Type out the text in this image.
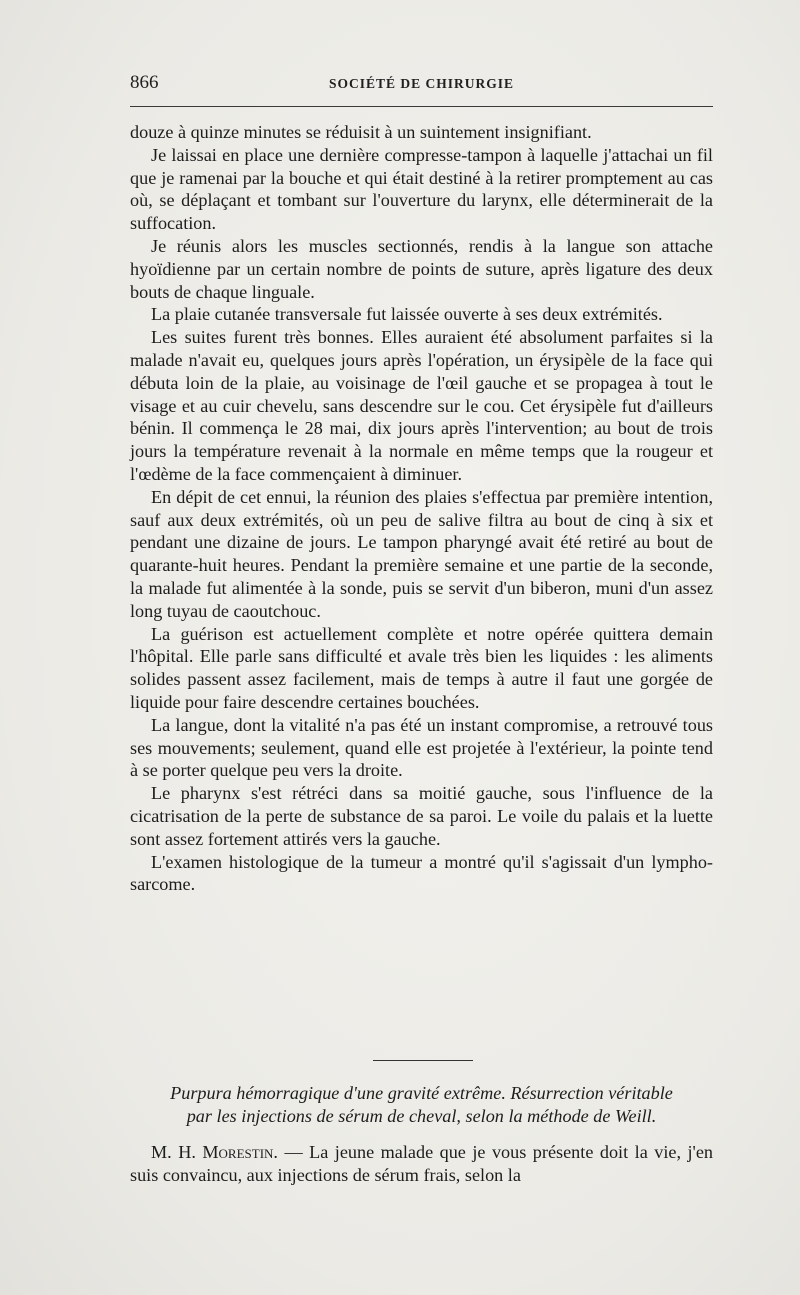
866	SOCIÉTÉ DE CHIRURGIE

douze à quinze minutes se réduisit à un suintement insignifiant.

Je laissai en place une dernière compresse-tampon à laquelle j'attachai un fil que je ramenai par la bouche et qui était destiné à la retirer promptement au cas où, se déplaçant et tombant sur l'ouverture du larynx, elle déterminerait de la suffocation.

Je réunis alors les muscles sectionnés, rendis à la langue son attache hyoïdienne par un certain nombre de points de suture, après ligature des deux bouts de chaque linguale.

La plaie cutanée transversale fut laissée ouverte à ses deux extrémités.

Les suites furent très bonnes. Elles auraient été absolument parfaites si la malade n'avait eu, quelques jours après l'opération, un érysipèle de la face qui débuta loin de la plaie, au voisinage de l'œil gauche et se propagea à tout le visage et au cuir chevelu, sans descendre sur le cou. Cet érysipèle fut d'ailleurs bénin. Il commença le 28 mai, dix jours après l'intervention; au bout de trois jours la température revenait à la normale en même temps que la rougeur et l'œdème de la face commençaient à diminuer.

En dépit de cet ennui, la réunion des plaies s'effectua par première intention, sauf aux deux extrémités, où un peu de salive filtra au bout de cinq à six et pendant une dizaine de jours. Le tampon pharyngé avait été retiré au bout de quarante-huit heures. Pendant la première semaine et une partie de la seconde, la malade fut alimentée à la sonde, puis se servit d'un biberon, muni d'un assez long tuyau de caoutchouc.

La guérison est actuellement complète et notre opérée quittera demain l'hôpital. Elle parle sans difficulté et avale très bien les liquides : les aliments solides passent assez facilement, mais de temps à autre il faut une gorgée de liquide pour faire descendre certaines bouchées.

La langue, dont la vitalité n'a pas été un instant compromise, a retrouvé tous ses mouvements; seulement, quand elle est projetée à l'extérieur, la pointe tend à se porter quelque peu vers la droite.

Le pharynx s'est rétréci dans sa moitié gauche, sous l'influence de la cicatrisation de la perte de substance de sa paroi. Le voile du palais et la luette sont assez fortement attirés vers la gauche.

L'examen histologique de la tumeur a montré qu'il s'agissait d'un lympho-sarcome.

Purpura hémorragique d'une gravité extrême. Résurrection véritable
par les injections de sérum de cheval, selon la méthode de Weill.

M. H. Morestin. — La jeune malade que je vous présente doit la vie, j'en suis convaincu, aux injections de sérum frais, selon la
